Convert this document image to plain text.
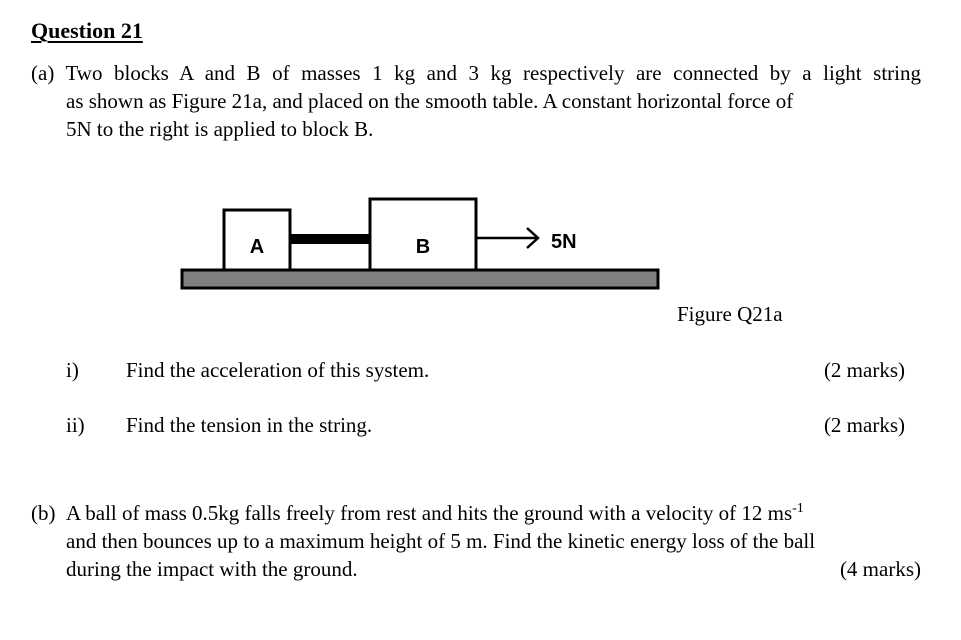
Question 21
(a) Two blocks A and B of masses 1 kg and 3 kg respectively are connected by a light string
as shown as Figure 21a, and placed on the smooth table. A constant horizontal force of
5N to the right is applied to block B.
A	B	5N
Figure Q21a
i) Find the acceleration of this system.	(2 marks)
ii) Find the tension in the string.	(2 marks)
(b) A ball of mass 0.5kg falls freely from rest and hits the ground with a velocity of 12 $ms^{-1}$
and then bounces up to a maximum height of 5 m. Find the kinetic energy loss of the ball
during the impact with the ground.	(4 marks)
